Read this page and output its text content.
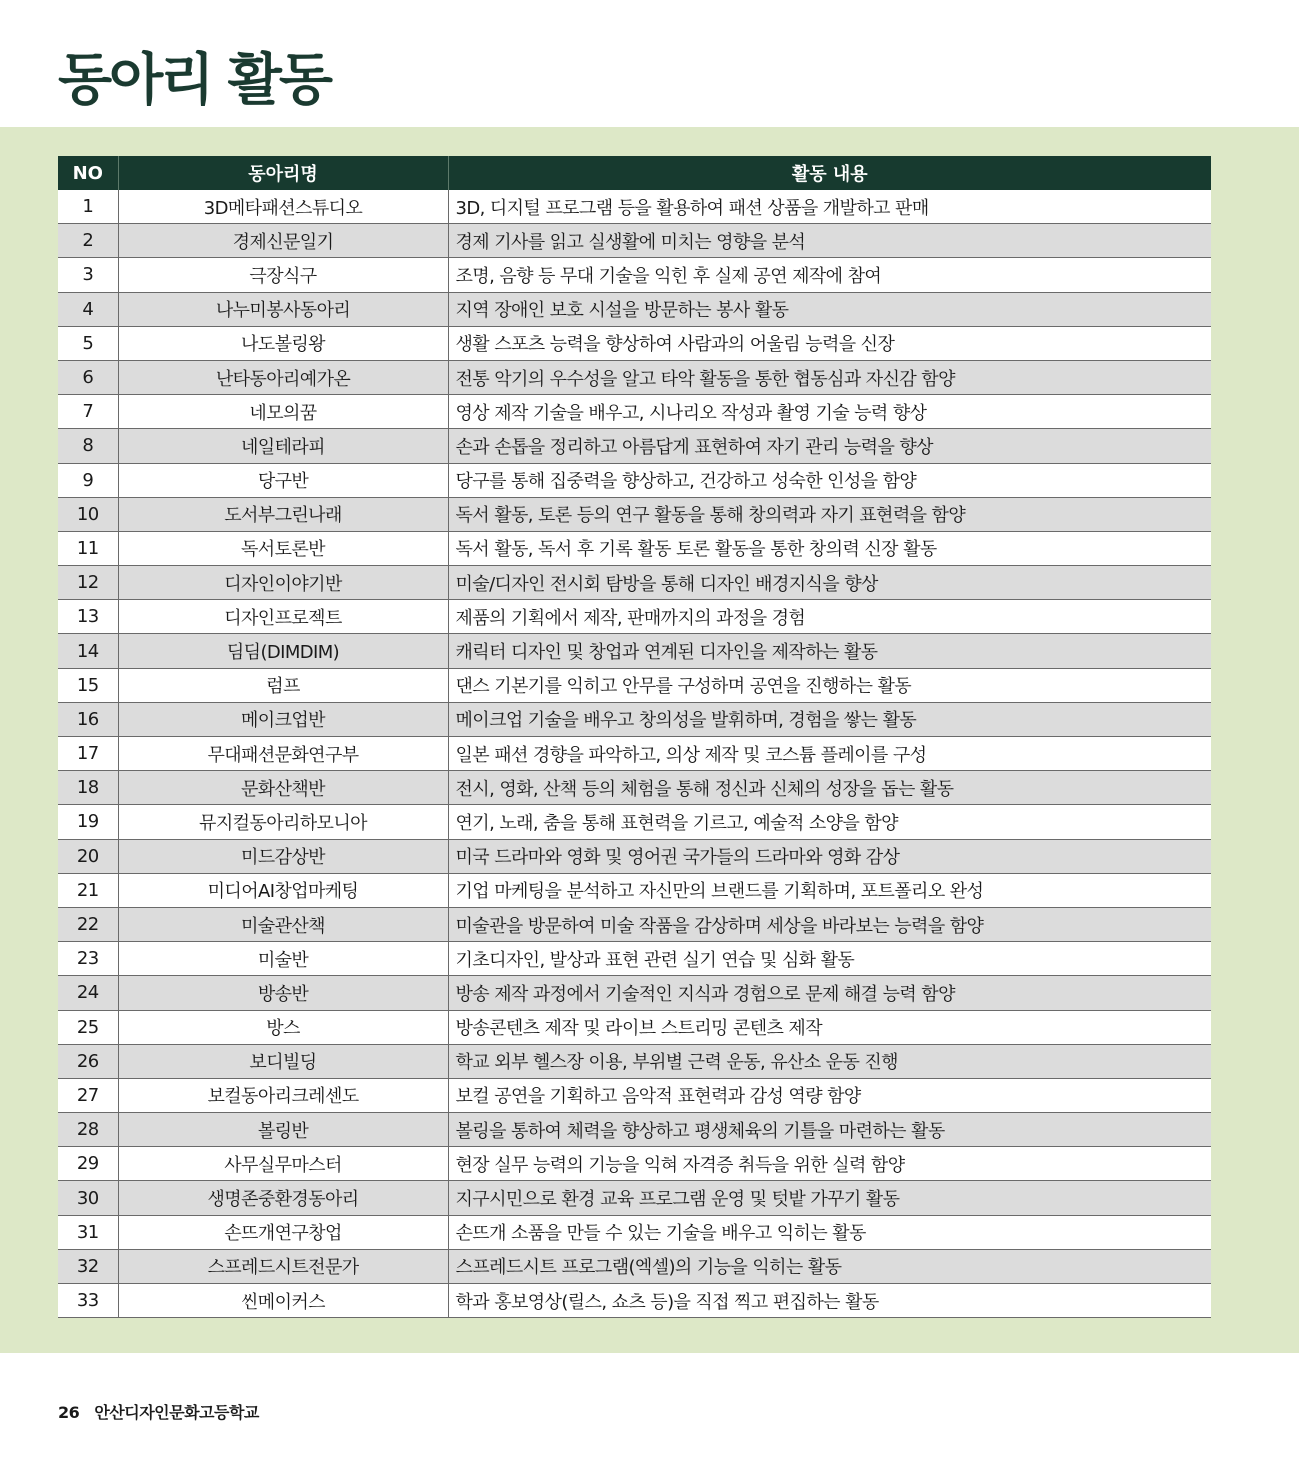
동아리 활동
NO	동아리명	활동 내용
1	3D메타패션스튜디오	3D, 디지털 프로그램 등을 활용하여 패션 상품을 개발하고 판매
2	경제신문일기	경제 기사를 읽고 실생활에 미치는 영향을 분석
3	극장식구	조명, 음향 등 무대 기술을 익힌 후 실제 공연 제작에 참여
4	나누미봉사동아리	지역 장애인 보호 시설을 방문하는 봉사 활동
5	나도볼링왕	생활 스포츠 능력을 향상하여 사람과의 어울림 능력을 신장
6	난타동아리예가온	전통 악기의 우수성을 알고 타악 활동을 통한 협동심과 자신감 함양
7	네모의꿈	영상 제작 기술을 배우고, 시나리오 작성과 촬영 기술 능력 향상
8	네일테라피	손과 손톱을 정리하고 아름답게 표현하여 자기 관리 능력을 향상
9	당구반	당구를 통해 집중력을 향상하고, 건강하고 성숙한 인성을 함양
10	도서부그린나래	독서 활동, 토론 등의 연구 활동을 통해 창의력과 자기 표현력을 함양
11	독서토론반	독서 활동, 독서 후 기록 활동 토론 활동을 통한 창의력 신장 활동
12	디자인이야기반	미술/디자인 전시회 탐방을 통해 디자인 배경지식을 향상
13	디자인프로젝트	제품의 기획에서 제작, 판매까지의 과정을 경험
14	딤딤(DIMDIM)	캐릭터 디자인 및 창업과 연계된 디자인을 제작하는 활동
15	럼프	댄스 기본기를 익히고 안무를 구성하며 공연을 진행하는 활동
16	메이크업반	메이크업 기술을 배우고 창의성을 발휘하며, 경험을 쌓는 활동
17	무대패션문화연구부	일본 패션 경향을 파악하고, 의상 제작 및 코스튬 플레이를 구성
18	문화산책반	전시, 영화, 산책 등의 체험을 통해 정신과 신체의 성장을 돕는 활동
19	뮤지컬동아리하모니아	연기, 노래, 춤을 통해 표현력을 기르고, 예술적 소양을 함양
20	미드감상반	미국 드라마와 영화 및 영어권 국가들의 드라마와 영화 감상
21	미디어AI창업마케팅	기업 마케팅을 분석하고 자신만의 브랜드를 기획하며, 포트폴리오 완성
22	미술관산책	미술관을 방문하여 미술 작품을 감상하며 세상을 바라보는 능력을 함양
23	미술반	기초디자인, 발상과 표현 관련 실기 연습 및 심화 활동
24	방송반	방송 제작 과정에서 기술적인 지식과 경험으로 문제 해결 능력 함양
25	방스	방송콘텐츠 제작 및 라이브 스트리밍 콘텐츠 제작
26	보디빌딩	학교 외부 헬스장 이용, 부위별 근력 운동, 유산소 운동 진행
27	보컬동아리크레센도	보컬 공연을 기획하고 음악적 표현력과 감성 역량 함양
28	볼링반	볼링을 통하여 체력을 향상하고 평생체육의 기틀을 마련하는 활동
29	사무실무마스터	현장 실무 능력의 기능을 익혀 자격증 취득을 위한 실력 함양
30	생명존중환경동아리	지구시민으로 환경 교육 프로그램 운영 및 텃밭 가꾸기 활동
31	손뜨개연구창업	손뜨개 소품을 만들 수 있는 기술을 배우고 익히는 활동
32	스프레드시트전문가	스프레드시트 프로그램(엑셀)의 기능을 익히는 활동
33	씬메이커스	학과 홍보영상(릴스, 쇼츠 등)을 직접 찍고 편집하는 활동
26 안산디자인문화고등학교
